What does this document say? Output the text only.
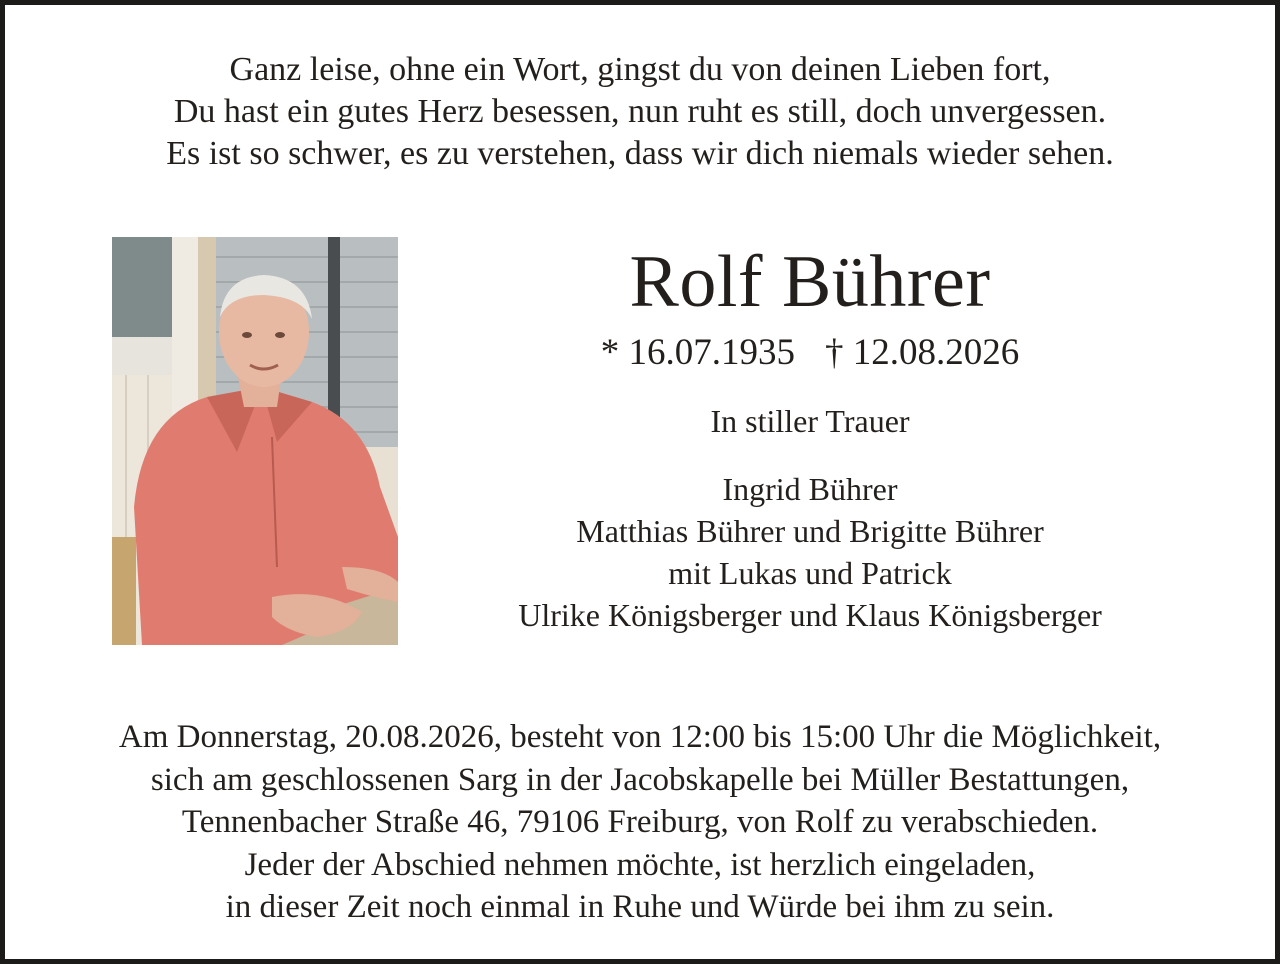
Ganz leise, ohne ein Wort, gingst du von deinen Lieben fort,
Du hast ein gutes Herz besessen, nun ruht es still, doch unvergessen.
Es ist so schwer, es zu verstehen, dass wir dich niemals wieder sehen.
Rolf Bührer
* 16.07.1935 † 12.08.2026
In stiller Trauer
Ingrid Bührer
Matthias Bührer und Brigitte Bührer
mit Lukas und Patrick
Ulrike Königsberger und Klaus Königsberger
Am Donnerstag, 20.08.2026, besteht von 12:00 bis 15:00 Uhr die Möglichkeit,
sich am geschlossenen Sarg in der Jacobskapelle bei Müller Bestattungen,
Tennenbacher Straße 46, 79106 Freiburg, von Rolf zu verabschieden.
Jeder der Abschied nehmen möchte, ist herzlich eingeladen,
in dieser Zeit noch einmal in Ruhe und Würde bei ihm zu sein.
